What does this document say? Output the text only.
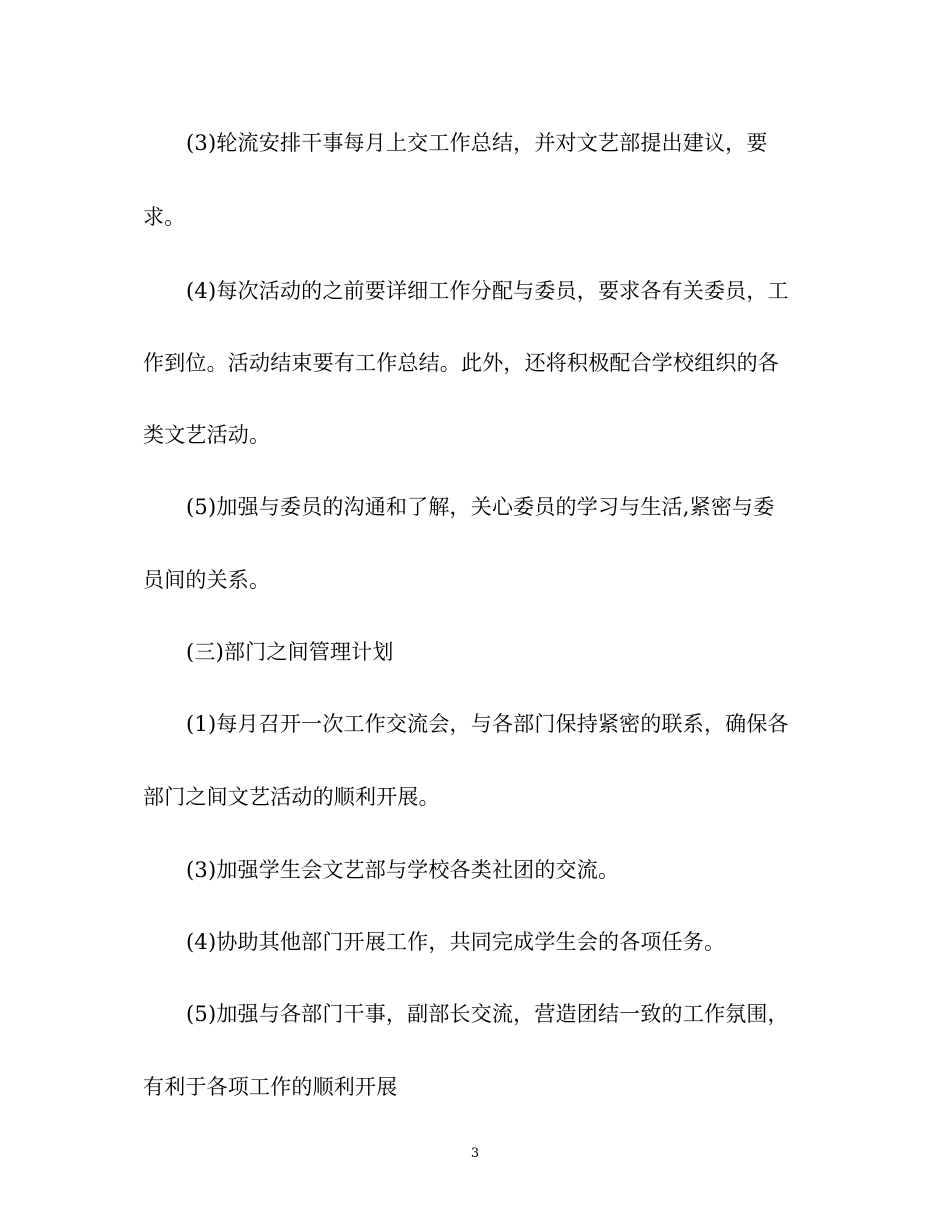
(3)轮流安排干事每月上交工作总结，并对文艺部提出建议，要
求。
(4)每次活动的之前要详细工作分配与委员，要求各有关委员，工
作到位。活动结束要有工作总结。此外，还将积极配合学校组织的各
类文艺活动。
(5)加强与委员的沟通和了解，关心委员的学习与生活,紧密与委
员间的关系。
(三)部门之间管理计划
(1)每月召开一次工作交流会，与各部门保持紧密的联系，确保各
部门之间文艺活动的顺利开展。
(3)加强学生会文艺部与学校各类社团的交流。
(4)协助其他部门开展工作，共同完成学生会的各项任务。
(5)加强与各部门干事，副部长交流，营造团结一致的工作氛围，
有利于各项工作的顺利开展
3
